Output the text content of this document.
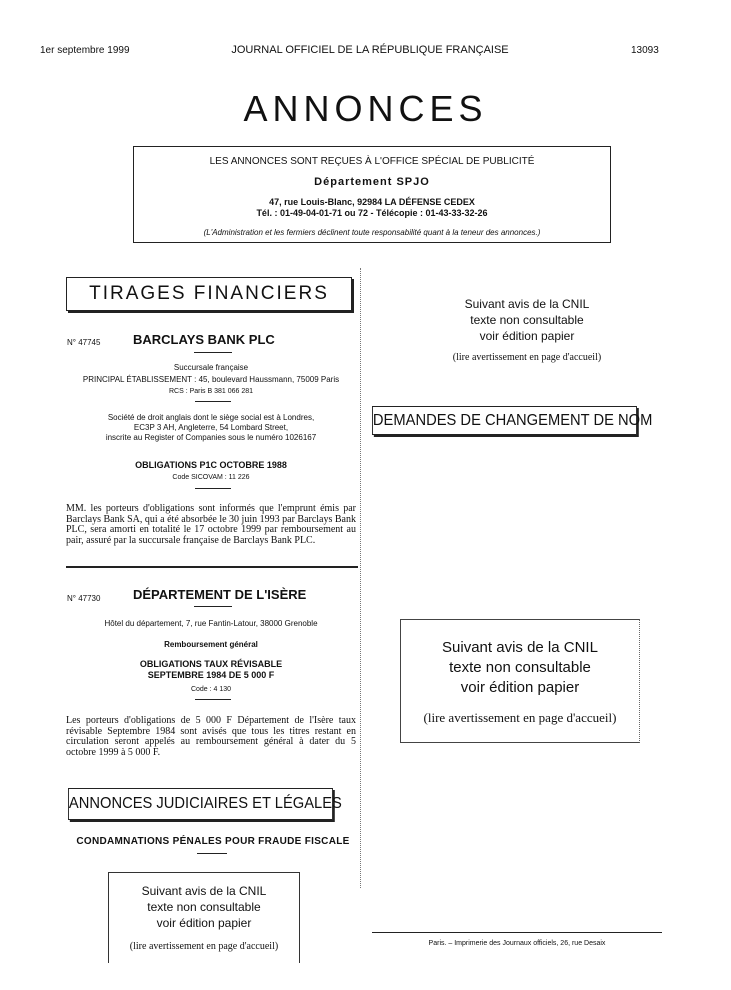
1er septembre 1999	JOURNAL OFFICIEL DE LA RÉPUBLIQUE FRANÇAISE	13093
ANNONCES
LES ANNONCES SONT REÇUES À L'OFFICE SPÉCIAL DE PUBLICITÉ
Département SPJO
47, rue Louis-Blanc, 92984 LA DÉFENSE CEDEX
Tél. : 01-49-04-01-71 ou 72 - Télécopie : 01-43-33-32-26
(L'Administration et les fermiers déclinent toute responsabilité quant à la teneur des annonces.)
TIRAGES FINANCIERS
N° 47745	BARCLAYS BANK PLC
Succursale française
PRINCIPAL ÉTABLISSEMENT : 45, boulevard Haussmann, 75009 Paris
RCS : Paris B 381 066 281
Société de droit anglais dont le siège social est à Londres,
EC3P 3 AH, Angleterre, 54 Lombard Street,
inscrite au Register of Companies sous le numéro 1026167
OBLIGATIONS P1C OCTOBRE 1988
Code SICOVAM : 11 226
MM. les porteurs d'obligations sont informés que l'emprunt émis par Barclays Bank SA, qui a été absorbée le 30 juin 1993 par Barclays Bank PLC, sera amorti en totalité le 17 octobre 1999 par remboursement au pair, assuré par la succursale française de Barclays Bank PLC.
N° 47730	DÉPARTEMENT DE L'ISÈRE
Hôtel du département, 7, rue Fantin-Latour, 38000 Grenoble
Remboursement général
OBLIGATIONS TAUX RÉVISABLE
SEPTEMBRE 1984 DE 5 000 F
Code : 4 130
Les porteurs d'obligations de 5 000 F Département de l'Isère taux révisable Septembre 1984 sont avisés que tous les titres restant en circulation seront appelés au remboursement général à dater du 5 octobre 1999 à 5 000 F.
ANNONCES JUDICIAIRES ET LÉGALES
CONDAMNATIONS PÉNALES POUR FRAUDE FISCALE
Suivant avis de la CNIL
texte non consultable
voir édition papier
(lire avertissement en page d'accueil)
Suivant avis de la CNIL
texte non consultable
voir édition papier
(lire avertissement en page d'accueil)
DEMANDES DE CHANGEMENT DE NOM
Suivant avis de la CNIL
texte non consultable
voir édition papier
(lire avertissement en page d'accueil)
Paris. – Imprimerie des Journaux officiels, 26, rue Desaix
